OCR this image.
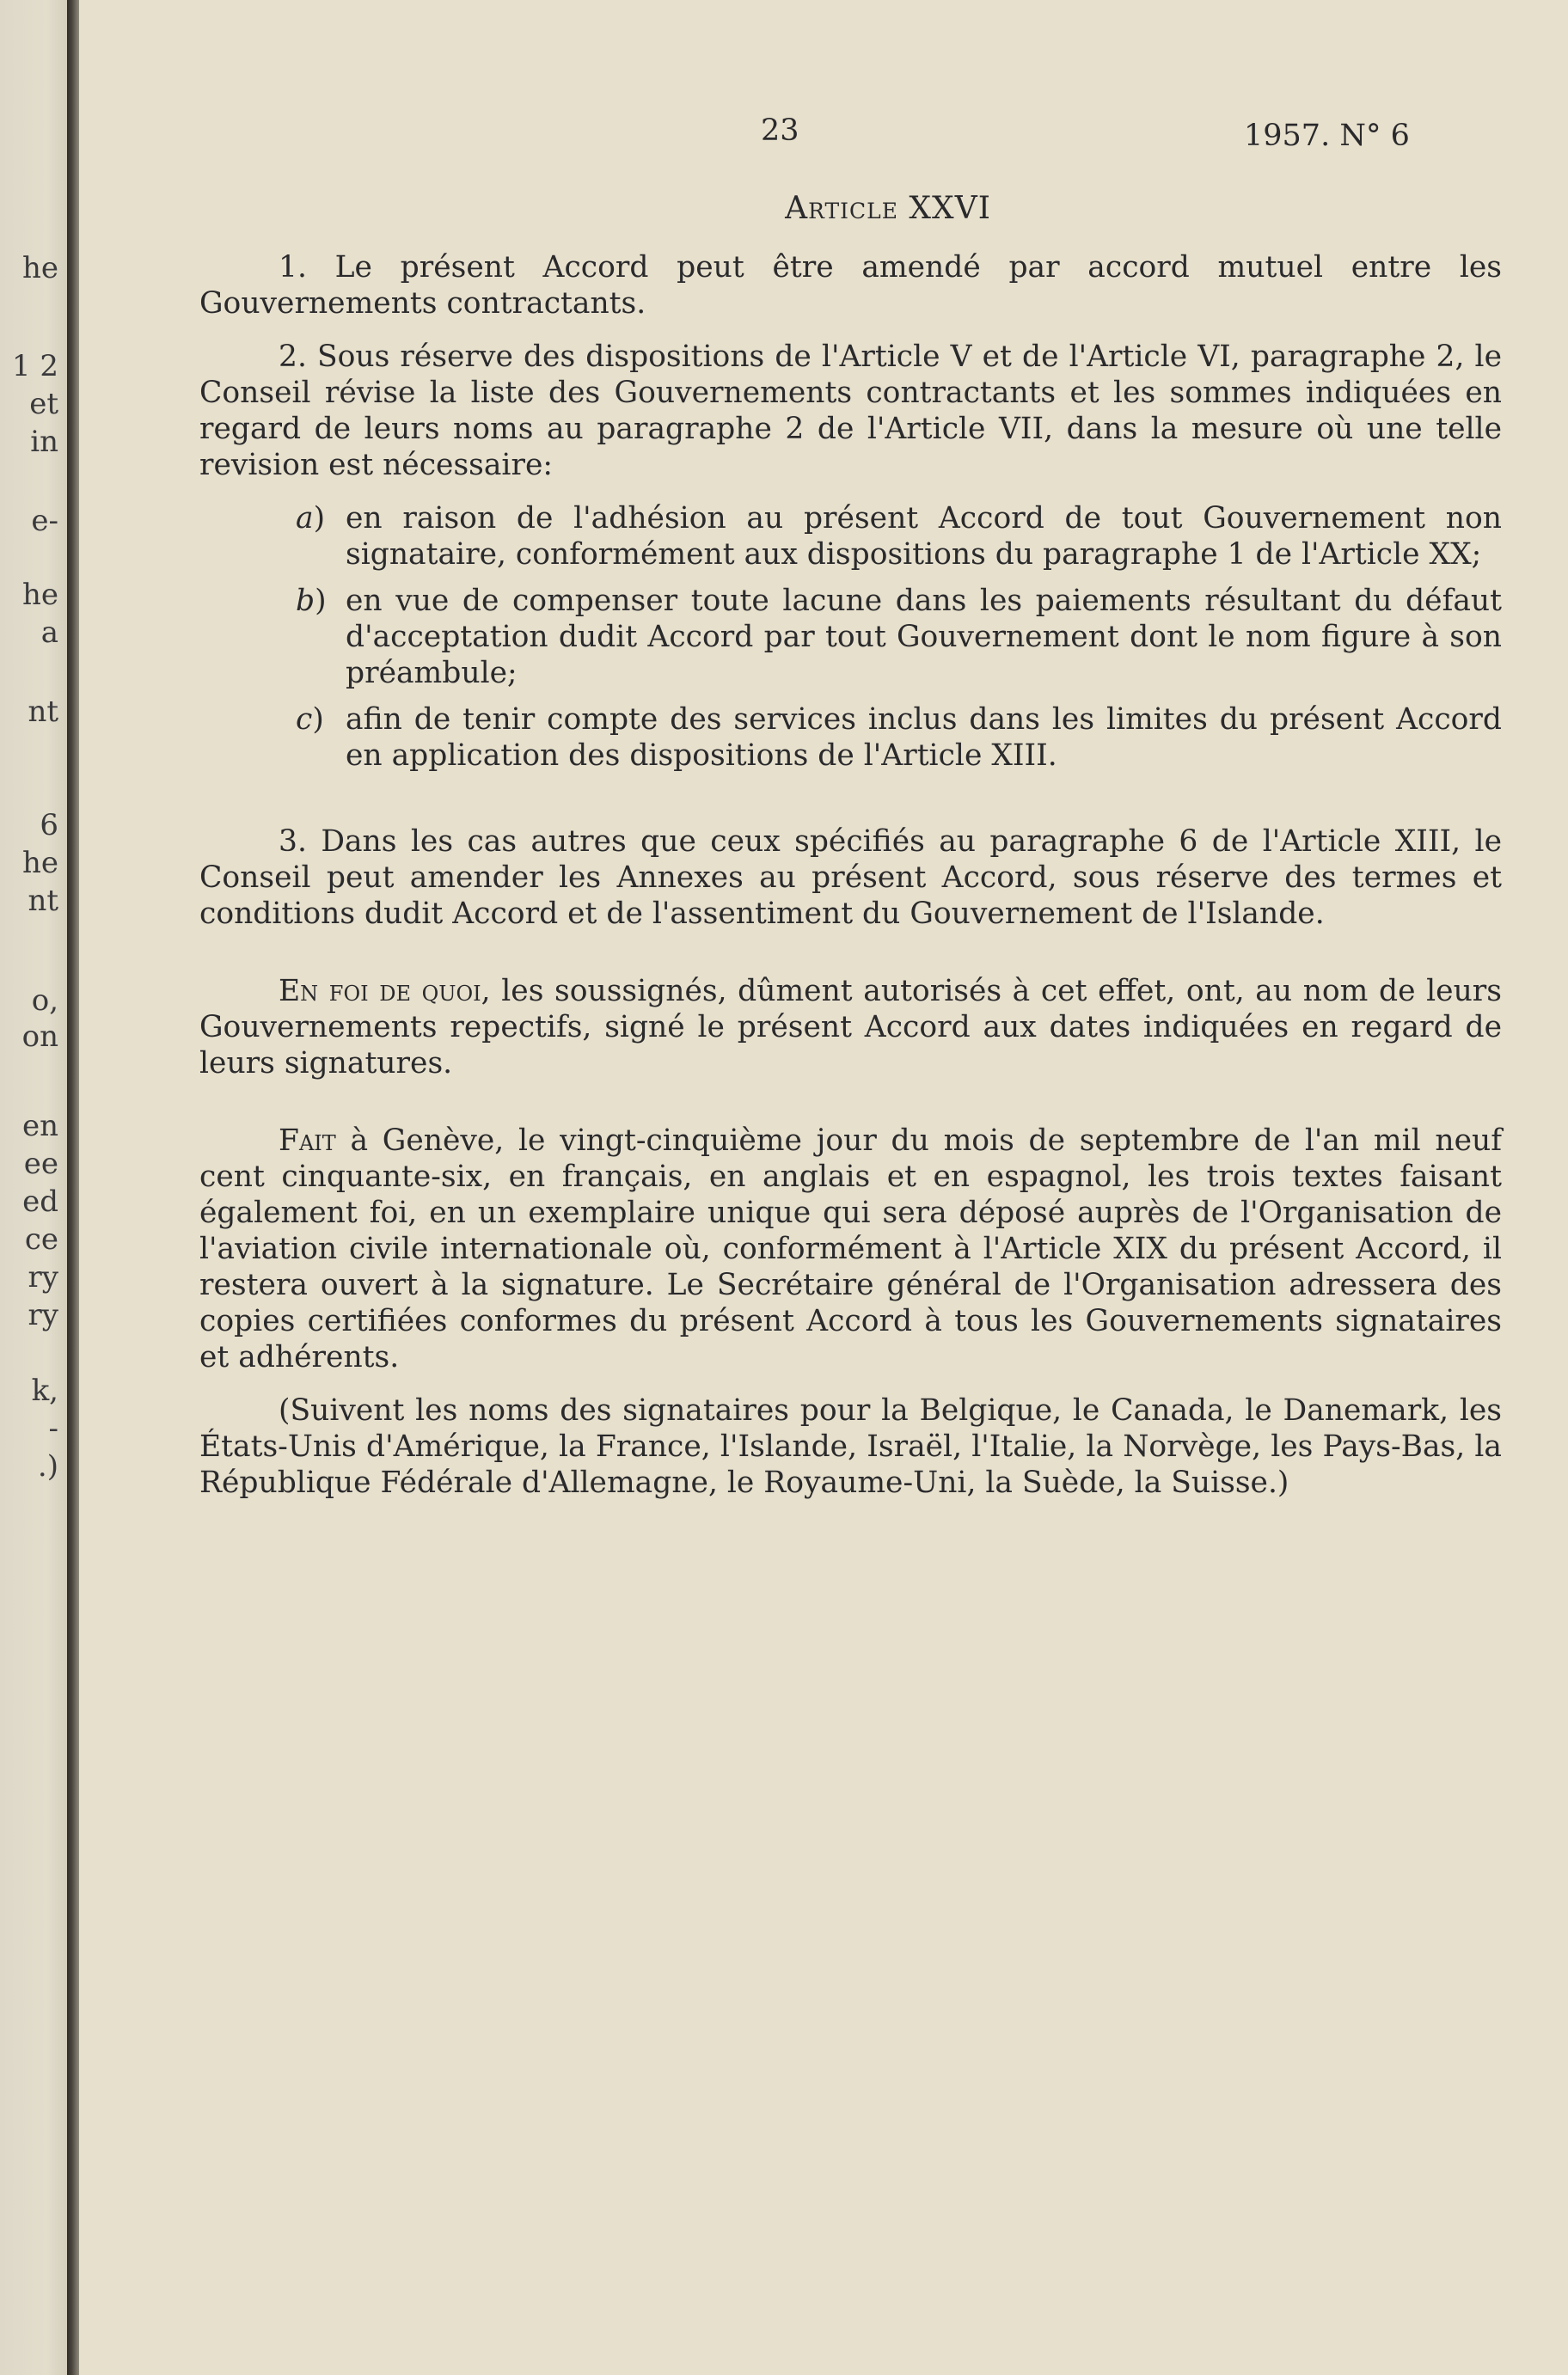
he
1 2
et
in
e-
he
a
nt
6
he
nt
o,
on
en
ee
ed
ce
ry
ry
k,
-
.)
23	1957. N° 6
Article XXVI

1. Le présent Accord peut être amendé par accord mutuel entre les Gouvernements contractants.

2. Sous réserve des dispositions de l'Article V et de l'Article VI, paragraphe 2, le Conseil révise la liste des Gouvernements contractants et les sommes indiquées en regard de leurs noms au paragraphe 2 de l'Article VII, dans la mesure où une telle revision est nécessaire:

a) en raison de l'adhésion au présent Accord de tout Gouvernement non signataire, conformément aux dispositions du paragraphe 1 de l'Article XX;
b) en vue de compenser toute lacune dans les paiements résultant du défaut d'acceptation dudit Accord par tout Gouvernement dont le nom figure à son préambule;
c) afin de tenir compte des services inclus dans les limites du présent Accord en application des dispositions de l'Article XIII.

3. Dans les cas autres que ceux spécifiés au paragraphe 6 de l'Article XIII, le Conseil peut amender les Annexes au présent Accord, sous réserve des termes et conditions dudit Accord et de l'assentiment du Gouvernement de l'Islande.

En foi de quoi, les soussignés, dûment autorisés à cet effet, ont, au nom de leurs Gouvernements repectifs, signé le présent Accord aux dates indiquées en regard de leurs signatures.

Fait à Genève, le vingt-cinquième jour du mois de septembre de l'an mil neuf cent cinquante-six, en français, en anglais et en espagnol, les trois textes faisant également foi, en un exemplaire unique qui sera déposé auprès de l'Organisation de l'aviation civile internationale où, conformément à l'Article XIX du présent Accord, il restera ouvert à la signature. Le Secrétaire général de l'Organisation adressera des copies certifiées conformes du présent Accord à tous les Gouvernements signataires et adhérents.

(Suivent les noms des signataires pour la Belgique, le Canada, le Danemark, les États-Unis d'Amérique, la France, l'Islande, Israël, l'Italie, la Norvège, les Pays-Bas, la République Fédérale d'Allemagne, le Royaume-Uni, la Suède, la Suisse.)
